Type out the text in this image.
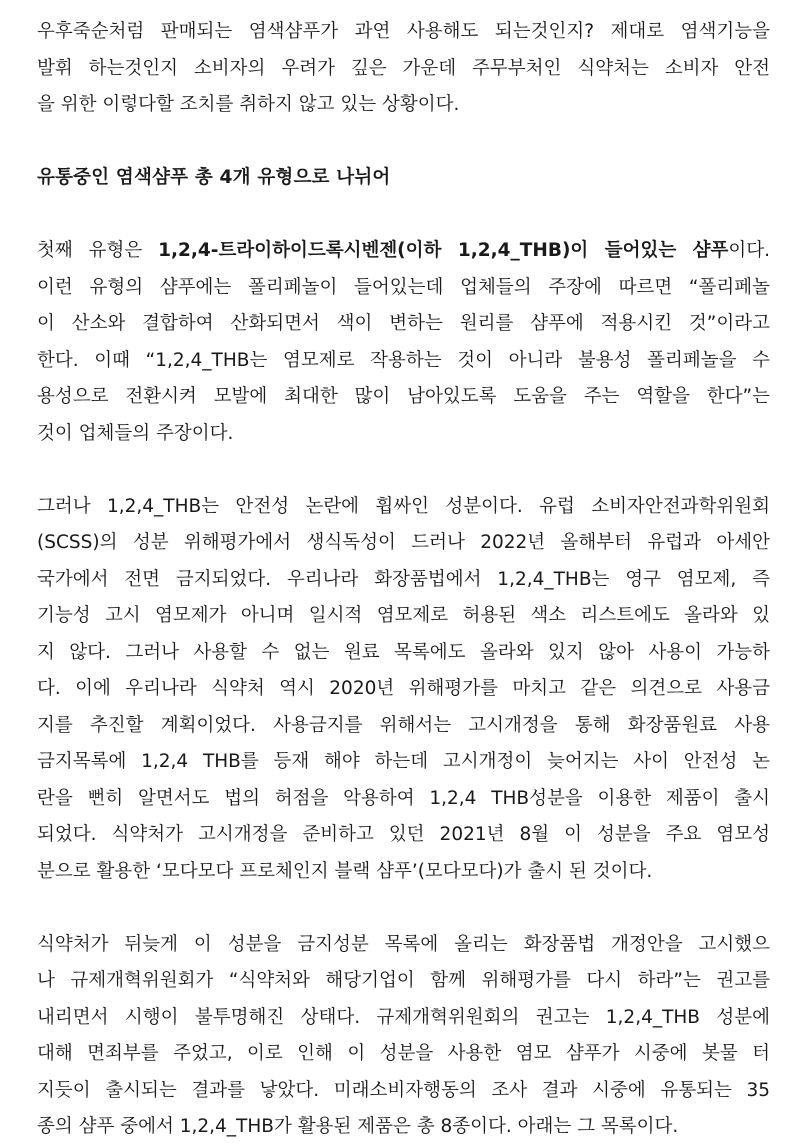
우후죽순처럼 판매되는 염색샴푸가 과연 사용해도 되는것인지? 제대로 염색기능을
발휘 하는것인지 소비자의 우려가 깊은 가운데 주무부처인 식약처는 소비자 안전
을 위한 이렇다할 조치를 취하지 않고 있는 상황이다.

유통중인 염색샴푸 총 4개 유형으로 나뉘어

첫째 유형은 1,2,4-트라이하이드록시벤젠(이하 1,2,4_THB)이 들어있는 샴푸이다.
이런 유형의 샴푸에는 폴리페놀이 들어있는데 업체들의 주장에 따르면 “폴리페놀
이 산소와 결합하여 산화되면서 색이 변하는 원리를 샴푸에 적용시킨 것”이라고
한다. 이때 “1,2,4_THB는 염모제로 작용하는 것이 아니라 불용성 폴리페놀을 수
용성으로 전환시켜 모발에 최대한 많이 남아있도록 도움을 주는 역할을 한다”는
것이 업체들의 주장이다.

그러나 1,2,4_THB는 안전성 논란에 휩싸인 성분이다. 유럽 소비자안전과학위원회
(SCSS)의 성분 위해평가에서 생식독성이 드러나 2022년 올해부터 유럽과 아세안
국가에서 전면 금지되었다. 우리나라 화장품법에서 1,2,4_THB는 영구 염모제, 즉
기능성 고시 염모제가 아니며 일시적 염모제로 허용된 색소 리스트에도 올라와 있
지 않다. 그러나 사용할 수 없는 원료 목록에도 올라와 있지 않아 사용이 가능하
다. 이에 우리나라 식약처 역시 2020년 위해평가를 마치고 같은 의견으로 사용금
지를 추진할 계획이었다. 사용금지를 위해서는 고시개정을 통해 화장품원료 사용
금지목록에 1,2,4 THB를 등재 해야 하는데 고시개정이 늦어지는 사이 안전성 논
란을 뻔히 알면서도 법의 허점을 악용하여 1,2,4 THB성분을 이용한 제품이 출시
되었다. 식약처가 고시개정을 준비하고 있던 2021년 8월 이 성분을 주요 염모성
분으로 활용한 ‘모다모다 프로체인지 블랙 샴푸’(모다모다)가 출시 된 것이다.

식약처가 뒤늦게 이 성분을 금지성분 목록에 올리는 화장품법 개정안을 고시했으
나 규제개혁위원회가 “식약처와 해당기업이 함께 위해평가를 다시 하라”는 권고를
내리면서 시행이 불투명해진 상태다. 규제개혁위원회의 권고는 1,2,4_THB 성분에
대해 면죄부를 주었고, 이로 인해 이 성분을 사용한 염모 샴푸가 시중에 봇물 터
지듯이 출시되는 결과를 낳았다. 미래소비자행동의 조사 결과 시중에 유통되는 35
종의 샴푸 중에서 1,2,4_THB가 활용된 제품은 총 8종이다. 아래는 그 목록이다.
